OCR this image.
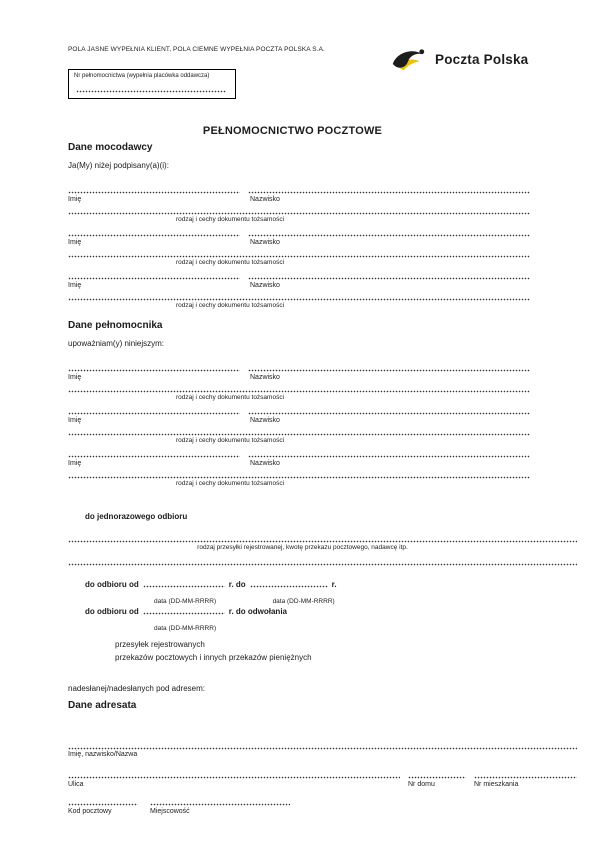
POLA JASNE WYPEŁNIA KLIENT, POLA CIEMNE WYPEŁNIA POCZTA POLSKA S.A.
Poczta Polska
Nr pełnomocnictwa (wypełnia placówka oddawcza)
PEŁNOMOCNICTWO POCZTOWE
Dane mocodawcy
Ja(My) niżej podpisany(a)(i):
Imię	Nazwisko
rodzaj i cechy dokumentu tożsamości
Imię	Nazwisko
rodzaj i cechy dokumentu tożsamości
Imię	Nazwisko
rodzaj i cechy dokumentu tożsamości
Dane pełnomocnika
upoważniam(y) niniejszym:
Imię	Nazwisko
rodzaj i cechy dokumentu tożsamości
Imię	Nazwisko
rodzaj i cechy dokumentu tożsamości
Imię	Nazwisko
rodzaj i cechy dokumentu tożsamości
do jednorazowego odbioru
rodzaj przesyłki rejestrowanej, kwotę przekazu pocztowego, nadawcę itp.
do odbioru od	r. do	r.
data (DD-MM-RRRR)	data (DD-MM-RRRR)
do odbioru od	r. do odwołania
data (DD-MM-RRRR)
przesyłek rejestrowanych
przekazów pocztowych i innych przekazów pieniężnych
nadesłanej/nadesłanych pod adresem:
Dane adresata
Imię, nazwisko/Nazwa
Ulica	Nr domu	Nr mieszkania
Kod pocztowy	Miejscowość
